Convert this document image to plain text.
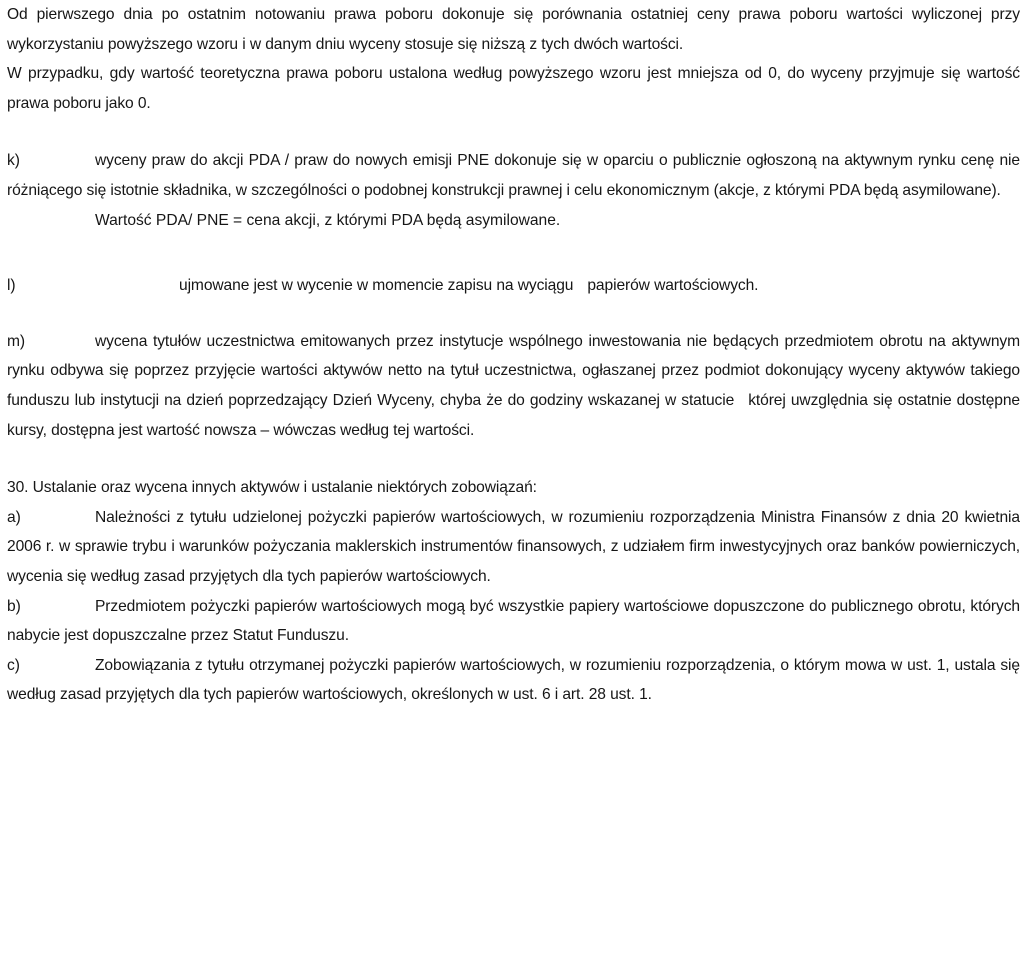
Od pierwszego dnia po ostatnim notowaniu prawa poboru dokonuje się porównania ostatniej ceny prawa poboru wartości wyliczonej przy wykorzystaniu powyższego wzoru i w danym dniu wyceny stosuje się niższą z tych dwóch wartości.
W przypadku, gdy wartość teoretyczna prawa poboru ustalona według powyższego wzoru jest mniejsza od 0, do wyceny przyjmuje się wartość prawa poboru jako 0.
k)	wyceny praw do akcji PDA / praw do nowych emisji PNE dokonuje się w oparciu o publicznie ogłoszoną na aktywnym rynku cenę nie różniącego się istotnie składnika, w szczególności o podobnej konstrukcji prawnej i celu ekonomicznym (akcje, z którymi PDA będą asymilowane).
Wartość PDA/ PNE = cena akcji, z którymi PDA będą asymilowane.
l)	ujmowane jest w wycenie w momencie zapisu na wyciągu papierów wartościowych.
m)	wycena tytułów uczestnictwa emitowanych przez instytucje wspólnego inwestowania nie będących przedmiotem obrotu na aktywnym rynku odbywa się poprzez przyjęcie wartości aktywów netto na tytuł uczestnictwa, ogłaszanej przez podmiot dokonujący wyceny aktywów takiego funduszu lub instytucji na dzień poprzedzający Dzień Wyceny, chyba że do godziny wskazanej w statucie której uwzględnia się ostatnie dostępne kursy, dostępna jest wartość nowsza – wówczas według tej wartości.
30. Ustalanie oraz wycena innych aktywów i ustalanie niektórych zobowiązań:
a)	Należności z tytułu udzielonej pożyczki papierów wartościowych, w rozumieniu rozporządzenia Ministra Finansów z dnia 20 kwietnia 2006 r. w sprawie trybu i warunków pożyczania maklerskich instrumentów finansowych, z udziałem firm inwestycyjnych oraz banków powierniczych, wycenia się według zasad przyjętych dla tych papierów wartościowych.
b)	Przedmiotem pożyczki papierów wartościowych mogą być wszystkie papiery wartościowe dopuszczone do publicznego obrotu, których nabycie jest dopuszczalne przez Statut Funduszu.
c)	Zobowiązania z tytułu otrzymanej pożyczki papierów wartościowych, w rozumieniu rozporządzenia, o którym mowa w ust. 1, ustala się według zasad przyjętych dla tych papierów wartościowych, określonych w ust. 6 i art. 28 ust. 1.
